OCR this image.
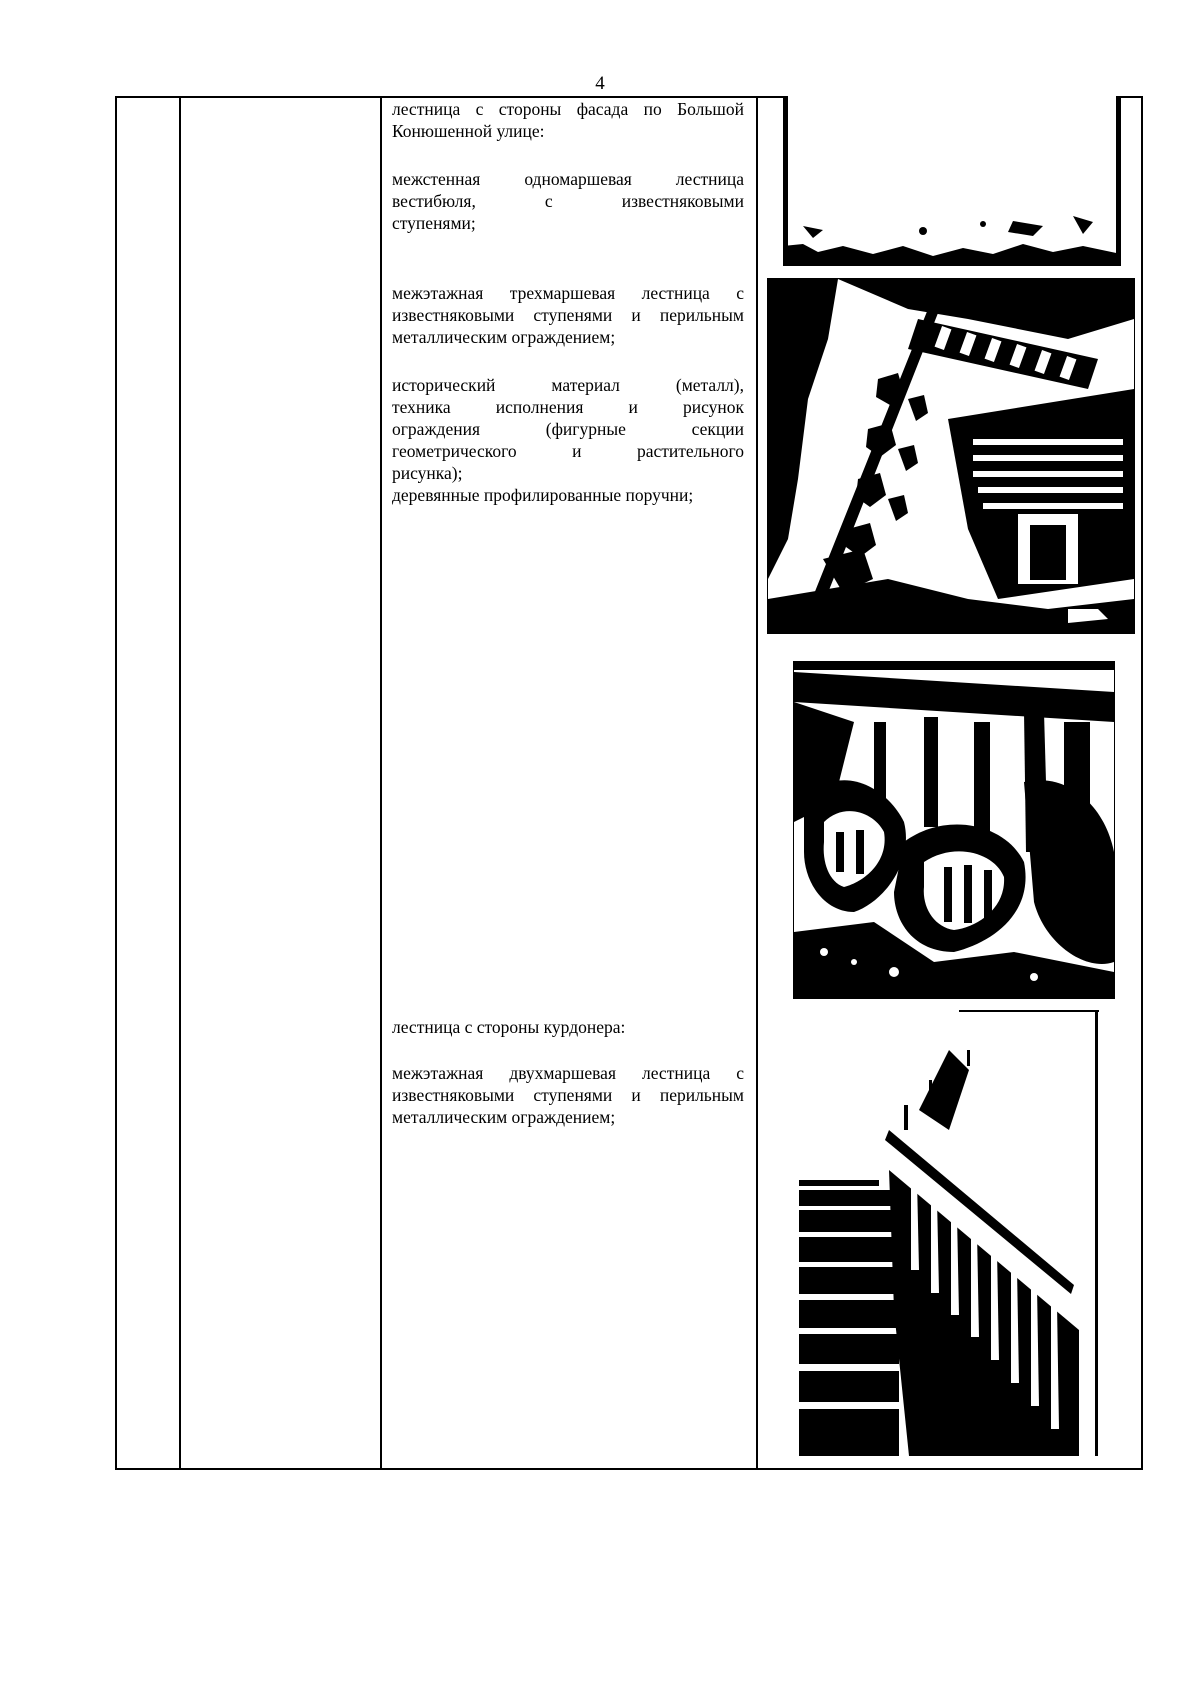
4
лестница с стороны фасада по Большой
Конюшенной улице:
межстенная одномаршевая лестница
вестибюля, с известняковыми
ступенями;
межэтажная трехмаршевая лестница с
известняковыми ступенями и перильным
металлическим ограждением;
исторический материал (металл),
техника исполнения и рисунок
ограждения (фигурные секции
геометрического и растительного
рисунка);
деревянные профилированные поручни;
лестница с стороны курдонера:
межэтажная двухмаршевая лестница с
известняковыми ступенями и перильным
металлическим ограждением;
